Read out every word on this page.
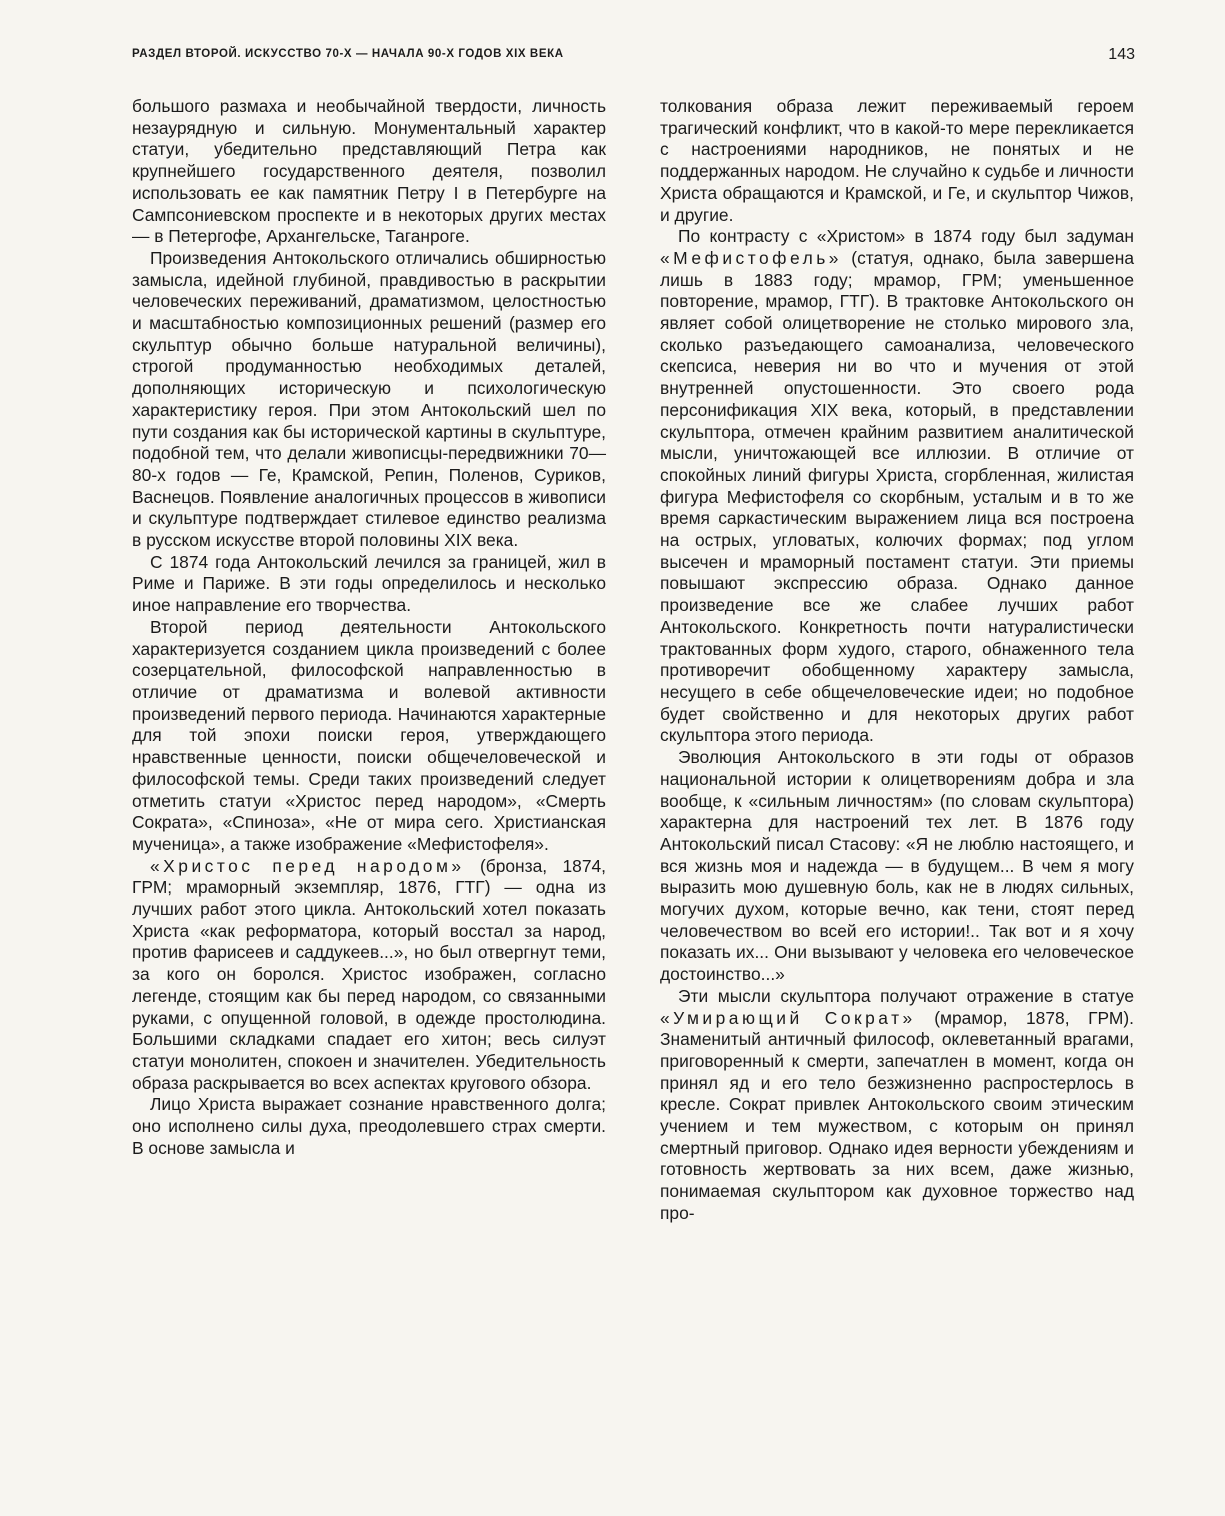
РАЗДЕЛ ВТОРОЙ. ИСКУССТВО 70-Х — НАЧАЛА 90-Х ГОДОВ XIX ВЕКА	143

большого размаха и необычайной твердости, личность незаурядную и сильную. Монументальный характер статуи, убедительно представляющий Петра как крупнейшего государственного деятеля, позволил использовать ее как памятник Петру I в Петербурге на Сампсониевском проспекте и в некоторых других местах — в Петергофе, Архангельске, Таганроге.

Произведения Антокольского отличались обширностью замысла, идейной глубиной, правдивостью в раскрытии человеческих переживаний, драматизмом, целостностью и масштабностью композиционных решений (размер его скульптур обычно больше натуральной величины), строгой продуманностью необходимых деталей, дополняющих историческую и психологическую характеристику героя. При этом Антокольский шел по пути создания как бы исторической картины в скульптуре, подобной тем, что делали живописцы-передвижники 70—80-х годов — Ге, Крамской, Репин, Поленов, Суриков, Васнецов. Появление аналогичных процессов в живописи и скульптуре подтверждает стилевое единство реализма в русском искусстве второй половины XIX века.

С 1874 года Антокольский лечился за границей, жил в Риме и Париже. В эти годы определилось и несколько иное направление его творчества.

Второй период деятельности Антокольского характеризуется созданием цикла произведений с более созерцательной, философской направленностью в отличие от драматизма и волевой активности произведений первого периода. Начинаются характерные для той эпохи поиски героя, утверждающего нравственные ценности, поиски общечеловеческой и философской темы. Среди таких произведений следует отметить статуи «Христос перед народом», «Смерть Сократа», «Спиноза», «Не от мира сего. Христианская мученица», а также изображение «Мефистофеля».

«Христос перед народом» (бронза, 1874, ГРМ; мраморный экземпляр, 1876, ГТГ) — одна из лучших работ этого цикла. Антокольский хотел показать Христа «как реформатора, который восстал за народ, против фарисеев и саддукеев...», но был отвергнут теми, за кого он боролся. Христос изображен, согласно легенде, стоящим как бы перед народом, со связанными руками, с опущенной головой, в одежде простолюдина. Большими складками спадает его хитон; весь силуэт статуи монолитен, спокоен и значителен. Убедительность образа раскрывается во всех аспектах кругового обзора.

Лицо Христа выражает сознание нравственного долга; оно исполнено силы духа, преодолевшего страх смерти. В основе замысла и

толкования образа лежит переживаемый героем трагический конфликт, что в какой-то мере перекликается с настроениями народников, не понятых и не поддержанных народом. Не случайно к судьбе и личности Христа обращаются и Крамской, и Ге, и скульптор Чижов, и другие.

По контрасту с «Христом» в 1874 году был задуман «Мефистофель» (статуя, однако, была завершена лишь в 1883 году; мрамор, ГРМ; уменьшенное повторение, мрамор, ГТГ). В трактовке Антокольского он являет собой олицетворение не столько мирового зла, сколько разъедающего самоанализа, человеческого скепсиса, неверия ни во что и мучения от этой внутренней опустошенности. Это своего рода персонификация XIX века, который, в представлении скульптора, отмечен крайним развитием аналитической мысли, уничтожающей все иллюзии. В отличие от спокойных линий фигуры Христа, сгорбленная, жилистая фигура Мефистофеля со скорбным, усталым и в то же время саркастическим выражением лица вся построена на острых, угловатых, колючих формах; под углом высечен и мраморный постамент статуи. Эти приемы повышают экспрессию образа. Однако данное произведение все же слабее лучших работ Антокольского. Конкретность почти натуралистически трактованных форм худого, старого, обнаженного тела противоречит обобщенному характеру замысла, несущего в себе общечеловеческие идеи; но подобное будет свойственно и для некоторых других работ скульптора этого периода.

Эволюция Антокольского в эти годы от образов национальной истории к олицетворениям добра и зла вообще, к «сильным личностям» (по словам скульптора) характерна для настроений тех лет. В 1876 году Антокольский писал Стасову: «Я не люблю настоящего, и вся жизнь моя и надежда — в будущем... В чем я могу выразить мою душевную боль, как не в людях сильных, могучих духом, которые вечно, как тени, стоят перед человечеством во всей его истории!.. Так вот и я хочу показать их... Они вызывают у человека его человеческое достоинство...»

Эти мысли скульптора получают отражение в статуе «Умирающий Сократ» (мрамор, 1878, ГРМ). Знаменитый античный философ, оклеветанный врагами, приговоренный к смерти, запечатлен в момент, когда он принял яд и его тело безжизненно распростерлось в кресле. Сократ привлек Антокольского своим этическим учением и тем мужеством, с которым он принял смертный приговор. Однако идея верности убеждениям и готовность жертвовать за них всем, даже жизнью, понимаемая скульптором как духовное торжество над про-
